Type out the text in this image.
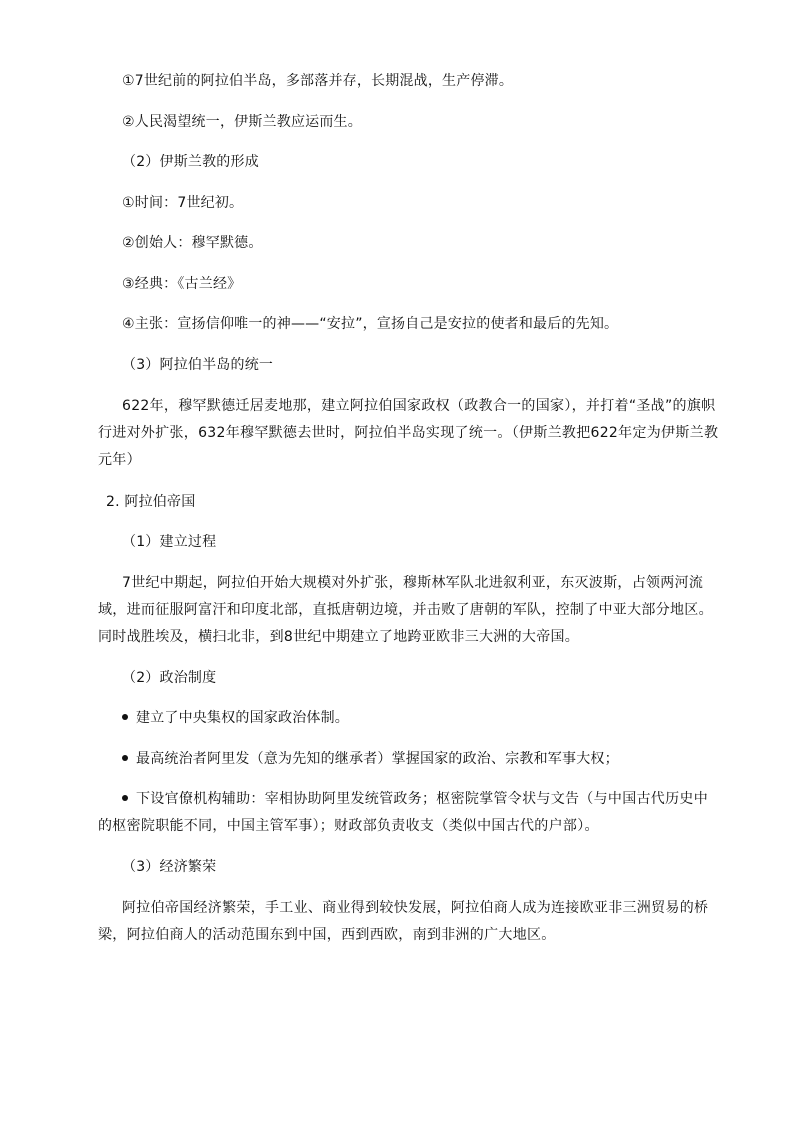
①7世纪前的阿拉伯半岛，多部落并存，长期混战，生产停滞。
②人民渴望统一，伊斯兰教应运而生。
（2）伊斯兰教的形成
①时间：7世纪初。
②创始人：穆罕默德。
③经典：《古兰经》
④主张：宣扬信仰唯一的神——“安拉”，宣扬自己是安拉的使者和最后的先知。
（3）阿拉伯半岛的统一
622年，穆罕默德迁居麦地那，建立阿拉伯国家政权（政教合一的国家），并打着“圣战”的旗帜
行进对外扩张，632年穆罕默德去世时，阿拉伯半岛实现了统一。（伊斯兰教把622年定为伊斯兰教
元年）
2. 阿拉伯帝国
（1）建立过程
7世纪中期起，阿拉伯开始大规模对外扩张，穆斯林军队北进叙利亚，东灭波斯，占领两河流
域，进而征服阿富汗和印度北部，直抵唐朝边境，并击败了唐朝的军队，控制了中亚大部分地区。
同时战胜埃及，横扫北非，到8世纪中期建立了地跨亚欧非三大洲的大帝国。
（2）政治制度
建立了中央集权的国家政治体制。
最高统治者阿里发（意为先知的继承者）掌握国家的政治、宗教和军事大权；
下设官僚机构辅助：宰相协助阿里发统管政务；枢密院掌管令状与文告（与中国古代历史中
的枢密院职能不同，中国主管军事）；财政部负责收支（类似中国古代的户部）。
（3）经济繁荣
阿拉伯帝国经济繁荣，手工业、商业得到较快发展，阿拉伯商人成为连接欧亚非三洲贸易的桥
梁，阿拉伯商人的活动范围东到中国，西到西欧，南到非洲的广大地区。
